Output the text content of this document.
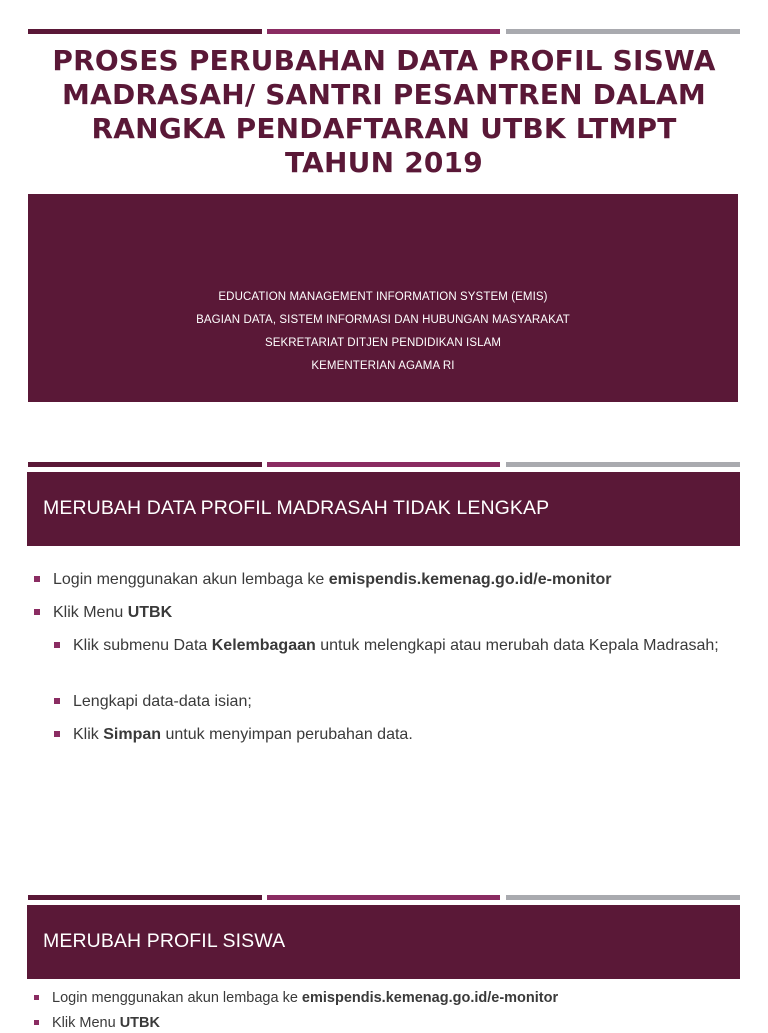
PROSES PERUBAHAN DATA PROFIL SISWA
MADRASAH/ SANTRI PESANTREN DALAM
RANGKA PENDAFTARAN UTBK LTMPT
TAHUN 2019
EDUCATION MANAGEMENT INFORMATION SYSTEM (EMIS)
BAGIAN DATA, SISTEM INFORMASI DAN HUBUNGAN MASYARAKAT
SEKRETARIAT DITJEN PENDIDIKAN ISLAM
KEMENTERIAN AGAMA RI
MERUBAH DATA PROFIL MADRASAH TIDAK LENGKAP
Login menggunakan akun lembaga ke emispendis.kemenag.go.id/e-monitor
Klik Menu UTBK
Klik submenu Data Kelembagaan untuk melengkapi atau merubah data Kepala Madrasah;
Lengkapi data-data isian;
Klik Simpan untuk menyimpan perubahan data.
MERUBAH PROFIL SISWA
Login menggunakan akun lembaga ke emispendis.kemenag.go.id/e-monitor
Klik Menu UTBK
